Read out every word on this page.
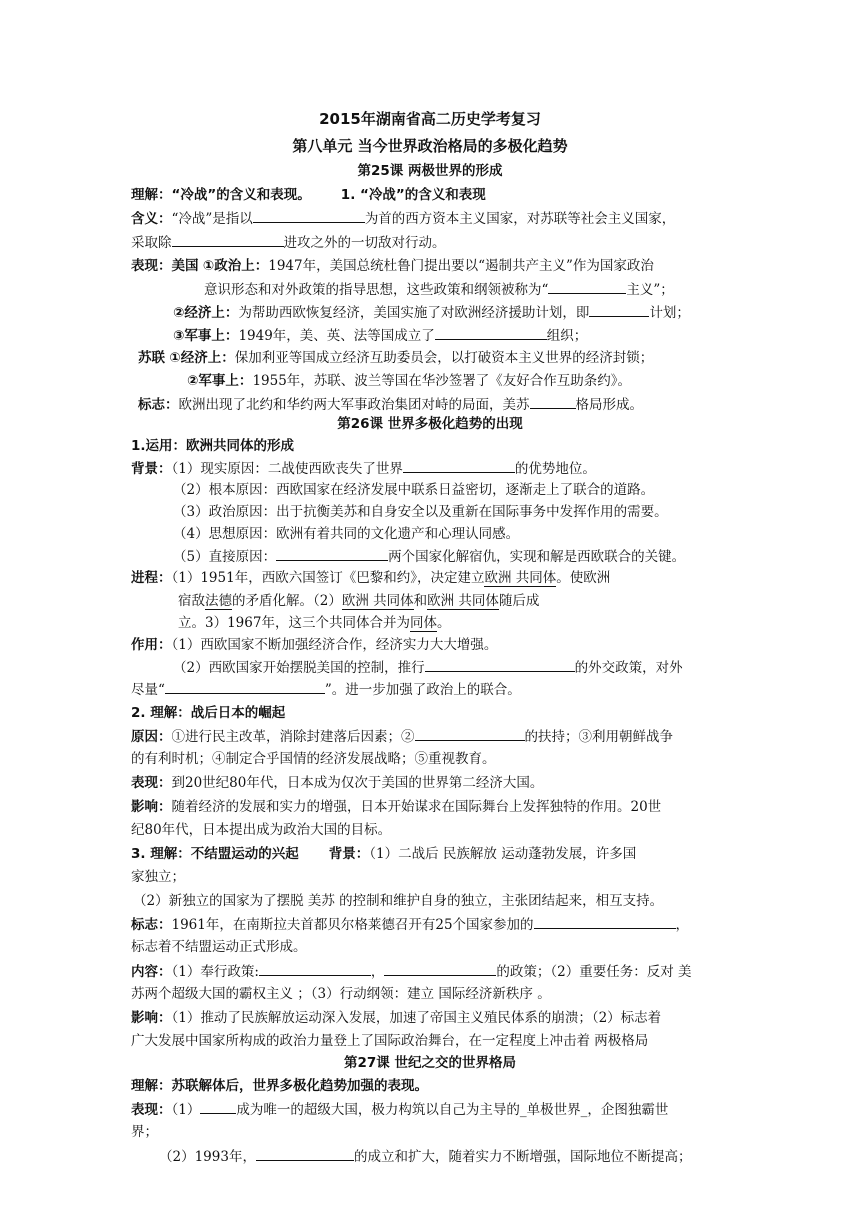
2015年湖南省高二历史学考复习
第八单元 当今世界政治格局的多极化趋势
第25课 两极世界的形成
理解：“冷战”的含义和表现。 1. “冷战”的含义和表现
含义：“冷战”是指以	为首的西方资本主义国家，对苏联等社会主义国家，
采取除	进攻之外的一切敌对行动。
表现：美国 ①政治上：1947年，美国总统杜鲁门提出要以“遏制共产主义”作为国家政治
意识形态和对外政策的指导思想，这些政策和纲领被称为“	主义”；
②经济上：为帮助西欧恢复经济，美国实施了对欧洲经济援助计划，即	计划；
③军事上：1949年，美、英、法等国成立了	组织；
苏联 ①经济上：保加利亚等国成立经济互助委员会，以打破资本主义世界的经济封锁；
②军事上：1955年，苏联、波兰等国在华沙签署了《友好合作互助条约》。
标志：欧洲出现了北约和华约两大军事政治集团对峙的局面，美苏	格局形成。
第26课 世界多极化趋势的出现
1.运用：欧洲共同体的形成
背景：（1）现实原因：二战使西欧丧失了世界	的优势地位。
（2）根本原因：西欧国家在经济发展中联系日益密切，逐渐走上了联合的道路。
（3）政治原因：出于抗衡美苏和自身安全以及重新在国际事务中发挥作用的需要。
（4）思想原因：欧洲有着共同的文化遗产和心理认同感。
（5）直接原因：	两个国家化解宿仇，实现和解是西欧联合的关键。
进程：（1）1951年，西欧六国签订《巴黎和约》，决定建立欧洲 共同体。使欧洲
宿敌法德的矛盾化解。（2）欧洲 共同体和欧洲 共同体随后成
立。3）1967年，这三个共同体合并为同体。
作用：（1）西欧国家不断加强经济合作，经济实力大大增强。
（2）西欧国家开始摆脱美国的控制，推行	的外交政策，对外
尽量“	”。进一步加强了政治上的联合。
2. 理解：战后日本的崛起
原因：①进行民主改革，消除封建落后因素；②	的扶持；③利用朝鲜战争
的有利时机；④制定合乎国情的经济发展战略；⑤重视教育。
表现：到20世纪80年代，日本成为仅次于美国的世界第二经济大国。
影响：随着经济的发展和实力的增强，日本开始谋求在国际舞台上发挥独特的作用。20世
纪80年代，日本提出成为政治大国的目标。
3. 理解：不结盟运动的兴起 背景：（1）二战后 民族解放 运动蓬勃发展，许多国
家独立；
（2）新独立的国家为了摆脱 美苏 的控制和维护自身的独立，主张团结起来，相互支持。
标志：1961年，在南斯拉夫首都贝尔格莱德召开有25个国家参加的	，
标志着不结盟运动正式形成。
内容：（1）奉行政策:	，	的政策；（2）重要任务：反对 美
苏两个超级大国的霸权主义 ；（3）行动纲领：建立 国际经济新秩序 。
影响：（1）推动了民族解放运动深入发展，加速了帝国主义殖民体系的崩溃；（2）标志着
广大发展中国家所构成的政治力量登上了国际政治舞台，在一定程度上冲击着 两极格局
第27课 世纪之交的世界格局
理解：苏联解体后，世界多极化趋势加强的表现。
表现：（1）	成为唯一的超级大国，极力构筑以自己为主导的_单极世界_，企图独霸世
界；
（2）1993年，	的成立和扩大，随着实力不断增强，国际地位不断提高；
